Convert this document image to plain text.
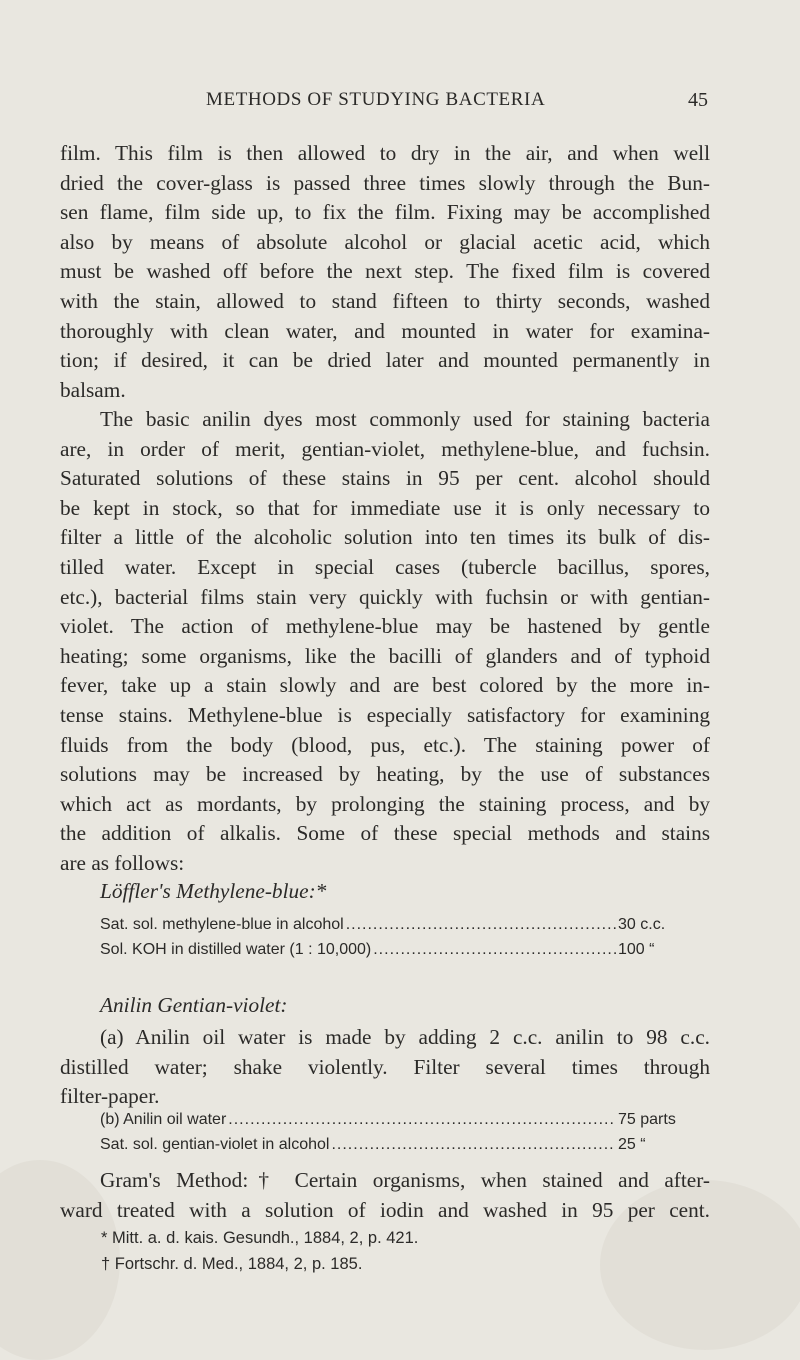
METHODS OF STUDYING BACTERIA	45
film. This film is then allowed to dry in the air, and when well
dried the cover-glass is passed three times slowly through the Bun-
sen flame, film side up, to fix the film. Fixing may be accomplished
also by means of absolute alcohol or glacial acetic acid, which
must be washed off before the next step. The fixed film is covered
with the stain, allowed to stand fifteen to thirty seconds, washed
thoroughly with clean water, and mounted in water for examina-
tion; if desired, it can be dried later and mounted permanently in
balsam.
The basic anilin dyes most commonly used for staining bacteria
are, in order of merit, gentian-violet, methylene-blue, and fuchsin.
Saturated solutions of these stains in 95 per cent. alcohol should
be kept in stock, so that for immediate use it is only necessary to
filter a little of the alcoholic solution into ten times its bulk of dis-
tilled water. Except in special cases (tubercle bacillus, spores,
etc.), bacterial films stain very quickly with fuchsin or with gentian-
violet. The action of methylene-blue may be hastened by gentle
heating; some organisms, like the bacilli of glanders and of typhoid
fever, take up a stain slowly and are best colored by the more in-
tense stains. Methylene-blue is especially satisfactory for examining
fluids from the body (blood, pus, etc.). The staining power of
solutions may be increased by heating, by the use of substances
which act as mordants, by prolonging the staining process, and by
the addition of alkalis. Some of these special methods and stains
are as follows:
Löffler's Methylene-blue:*
Sat. sol. methylene-blue in alcohol .....	30 c.c.
Sol. KOH in distilled water (1 : 10,000) .....	100 “
Anilin Gentian-violet:
(a) Anilin oil water is made by adding 2 c.c. anilin to 98 c.c.
distilled water; shake violently. Filter several times through
filter-paper.
(b) Anilin oil water .....	75 parts
Sat. sol. gentian-violet in alcohol .....	25 “
Gram's Method:† Certain organisms, when stained and after-
ward treated with a solution of iodin and washed in 95 per cent.
* Mitt. a. d. kais. Gesundh., 1884, 2, p. 421.
† Fortschr. d. Med., 1884, 2, p. 185.
